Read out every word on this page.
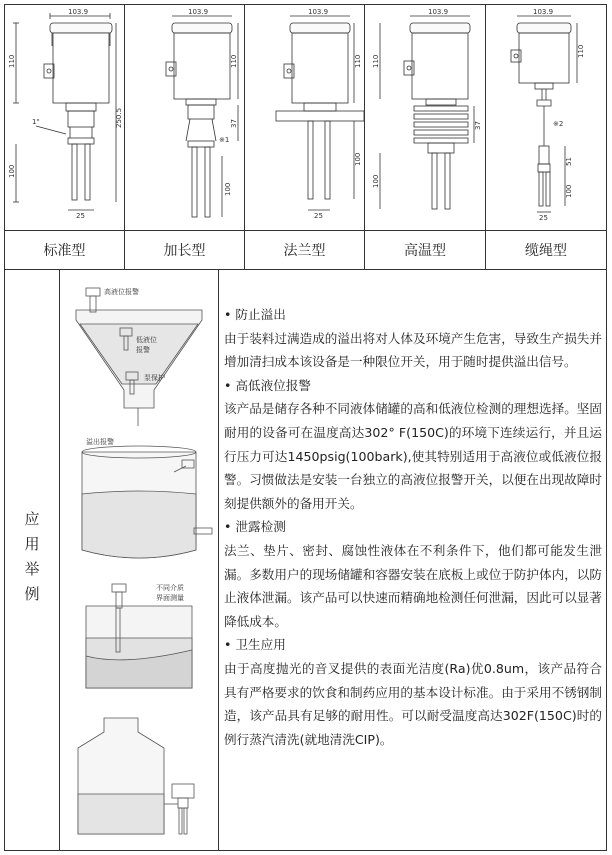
103.9
110
250.5
1"
100
25
103.9
110
37
※1
100
103.9
110
100
25
103.9
110
37
100
103.9
110
※2
51
100
25
标准型	加长型	法兰型	高温型	缆绳型
应用举例
高液位报警
低液位
报警
泵保护
溢出报警
不同介质
界面测量
• 防止溢出
由于装料过满造成的溢出将对人体及环境产生危害，导致生产损失并增加清扫成本该设备是一种限位开关，用于随时提供溢出信号。
• 高低液位报警
该产品是储存各种不同液体储罐的高和低液位检测的理想选择。坚固耐用的设备可在温度高达302° F(150C)的环境下连续运行，并且运行压力可达1450psig(100bark),使其特别适用于高液位或低液位报警。习惯做法是安装一台独立的高液位报警开关，以便在出现故障时刻提供额外的备用开关。
• 泄露检测
法兰、垫片、密封、腐蚀性液体在不利条件下，他们都可能发生泄漏。多数用户的现场储罐和容器安装在底板上或位于防护体内，以防止液体泄漏。该产品可以快速而精确地检测任何泄漏，因此可以显著降低成本。
• 卫生应用
由于高度抛光的音叉提供的表面光洁度(Ra)优0.8um，该产品符合具有严格要求的饮食和制药应用的基本设计标准。由于采用不锈钢制造，该产品具有足够的耐用性。可以耐受温度高达302F(150C)时的例行蒸汽清洗(就地清洗CIP)。
